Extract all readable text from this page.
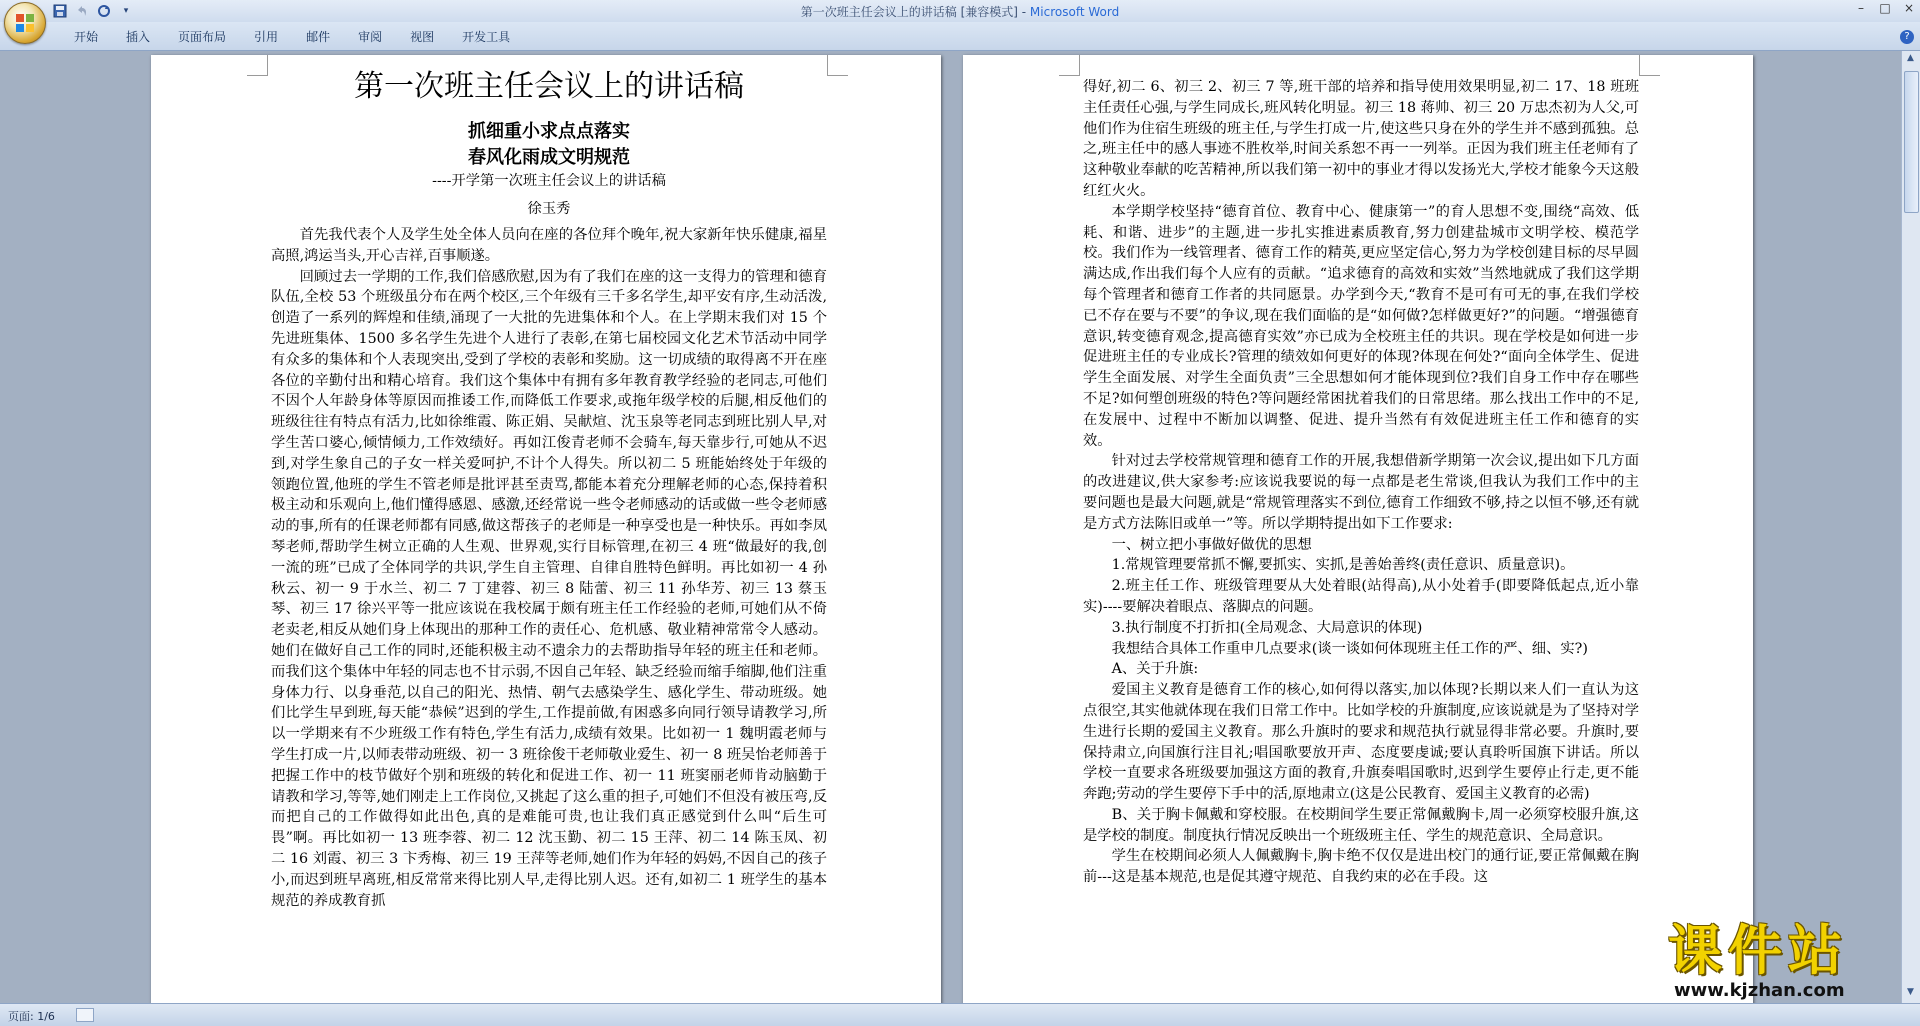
▾	第一次班主任会议上的讲话稿 [兼容模式] - Microsoft Word	–	□ ×
开始	插入	页面布局	引用	邮件	审阅	视图	开发工具	?
第一次班主任会议上的讲话稿
抓细重小求点点落实
春风化雨成文明规范
----开学第一次班主任会议上的讲话稿
徐玉秀

首先我代表个人及学生处全体人员向在座的各位拜个晚年,祝大家新年快乐健康,福星高照,鸿运当头,开心吉祥,百事顺遂。

回顾过去一学期的工作,我们倍感欣慰,因为有了我们在座的这一支得力的管理和德育队伍,全校 53 个班级虽分布在两个校区,三个年级有三千多名学生,却平安有序,生动活泼,创造了一系列的辉煌和佳绩,涌现了一大批的先进集体和个人。在上学期末我们对 15 个先进班集体、1500 多名学生先进个人进行了表彰,在第七届校园文化艺术节活动中同学有众多的集体和个人表现突出,受到了学校的表彰和奖励。这一切成绩的取得离不开在座各位的辛勤付出和精心培育。我们这个集体中有拥有多年教育教学经验的老同志,可他们不因个人年龄身体等原因而推诿工作,而降低工作要求,或拖年级学校的后腿,相反他们的班级往往有特点有活力,比如徐维霞、陈正娟、吴献煊、沈玉泉等老同志到班比别人早,对学生苦口婆心,倾情倾力,工作效绩好。再如江俊青老师不会骑车,每天靠步行,可她从不迟到,对学生象自己的子女一样关爱呵护,不计个人得失。所以初二 5 班能始终处于年级的领跑位置,他班的学生不管老师是批评甚至责骂,都能本着充分理解老师的心态,保持着积极主动和乐观向上,他们懂得感恩、感激,还经常说一些令老师感动的话或做一些令老师感动的事,所有的任课老师都有同感,做这帮孩子的老师是一种享受也是一种快乐。再如李凤琴老师,帮助学生树立正确的人生观、世界观,实行目标管理,在初三 4 班“做最好的我,创一流的班”已成了全体同学的共识,学生自主管理、自律自胜特色鲜明。再比如初一 4 孙秋云、初一 9 于水兰、初二 7 丁建蓉、初三 8 陆蕾、初三 11 孙华芳、初三 13 蔡玉琴、初三 17 徐兴平等一批应该说在我校属于颇有班主任工作经验的老师,可她们从不倚老卖老,相反从她们身上体现出的那种工作的责任心、危机感、敬业精神常常令人感动。她们在做好自己工作的同时,还能积极主动不遗余力的去帮助指导年轻的班主任和老师。而我们这个集体中年轻的同志也不甘示弱,不因自己年轻、缺乏经验而缩手缩脚,他们注重身体力行、以身垂范,以自己的阳光、热情、朝气去感染学生、感化学生、带动班级。她们比学生早到班,每天能“恭候”迟到的学生,工作提前做,有困惑多向同行领导请教学习,所以一学期来有不少班级工作有特色,学生有活力,成绩有效果。比如初一 1 魏明霞老师与学生打成一片,以师表带动班级、初一 3 班徐俊干老师敬业爱生、初一 8 班吴怡老师善于把握工作中的枝节做好个别和班级的转化和促进工作、初一 11 班窦丽老师肯动脑勤于请教和学习,等等,她们刚走上工作岗位,又挑起了这么重的担子,可她们不但没有被压弯,反而把自己的工作做得如此出色,真的是难能可贵,也让我们真正感觉到什么叫“后生可畏”啊。再比如初一 13 班李蓉、初二 12 沈玉勤、初二 15 王萍、初二 14 陈玉凤、初二 16 刘霞、初三 3 卞秀梅、初三 19 王萍等老师,她们作为年轻的妈妈,不因自己的孩子小,而迟到班早离班,相反常常来得比别人早,走得比别人迟。还有,如初二 1 班学生的基本规范的养成教育抓

得好,初二 6、初三 2、初三 7 等,班干部的培养和指导使用效果明显,初二 17、18 班班主任责任心强,与学生同成长,班风转化明显。初三 18 蒋帅、初三 20 万忠杰初为人父,可他们作为住宿生班级的班主任,与学生打成一片,使这些只身在外的学生并不感到孤独。总之,班主任中的感人事迹不胜枚举,时间关系恕不再一一列举。正因为我们班主任老师有了这种敬业奉献的吃苦精神,所以我们第一初中的事业才得以发扬光大,学校才能象今天这般红红火火。

本学期学校坚持“德育首位、教育中心、健康第一”的育人思想不变,围绕“高效、低耗、和谐、进步”的主题,进一步扎实推进素质教育,努力创建盐城市文明学校、模范学校。我们作为一线管理者、德育工作的精英,更应坚定信心,努力为学校创建目标的尽早圆满达成,作出我们每个人应有的贡献。“追求德育的高效和实效”当然地就成了我们这学期每个管理者和德育工作者的共同愿景。办学到今天,“教育不是可有可无的事,在我们学校已不存在要与不要”的争议,现在我们面临的是“如何做?怎样做更好?”的问题。“增强德育意识,转变德育观念,提高德育实效”亦已成为全校班主任的共识。现在学校是如何进一步促进班主任的专业成长?管理的绩效如何更好的体现?体现在何处?“面向全体学生、促进学生全面发展、对学生全面负责”三全思想如何才能体现到位?我们自身工作中存在哪些不足?如何塑创班级的特色?等问题经常困扰着我们的日常思绪。那么找出工作中的不足,在发展中、过程中不断加以调整、促进、提升当然有有效促进班主任工作和德育的实效。

针对过去学校常规管理和德育工作的开展,我想借新学期第一次会议,提出如下几方面的改进建议,供大家参考:应该说我要说的每一点都是老生常谈,但我认为我们工作中的主要问题也是最大问题,就是“常规管理落实不到位,德育工作细致不够,持之以恒不够,还有就是方式方法陈旧或单一”等。所以学期特提出如下工作要求:

一、树立把小事做好做优的思想

1.常规管理要常抓不懈,要抓实、实抓,是善始善终(责任意识、质量意识)。

2.班主任工作、班级管理要从大处着眼(站得高),从小处着手(即要降低起点,近小靠实)----要解决着眼点、落脚点的问题。

3.执行制度不打折扣(全局观念、大局意识的体现)

我想结合具体工作重申几点要求(谈一谈如何体现班主任工作的严、细、实?)

A、关于升旗:

爱国主义教育是德育工作的核心,如何得以落实,加以体现?长期以来人们一直认为这点很空,其实他就体现在我们日常工作中。比如学校的升旗制度,应该说就是为了坚持对学生进行长期的爱国主义教育。那么升旗时的要求和规范执行就显得非常必要。升旗时,要保持肃立,向国旗行注目礼;唱国歌要放开声、态度要虔诚;要认真聆听国旗下讲话。所以学校一直要求各班级要加强这方面的教育,升旗奏唱国歌时,迟到学生要停止行走,更不能奔跑;劳动的学生要停下手中的活,原地肃立(这是公民教育、爱国主义教育的必需)

B、关于胸卡佩戴和穿校服。在校期间学生要正常佩戴胸卡,周一必须穿校服升旗,这是学校的制度。制度执行情况反映出一个班级班主任、学生的规范意识、全局意识。

学生在校期间必须人人佩戴胸卡,胸卡绝不仅仅是进出校门的通行证,要正常佩戴在胸前---这是基本规范,也是促其遵守规范、自我约束的必在手段。这

▲
▼
页面: 1/6
课件站
www.kjzhan.com
